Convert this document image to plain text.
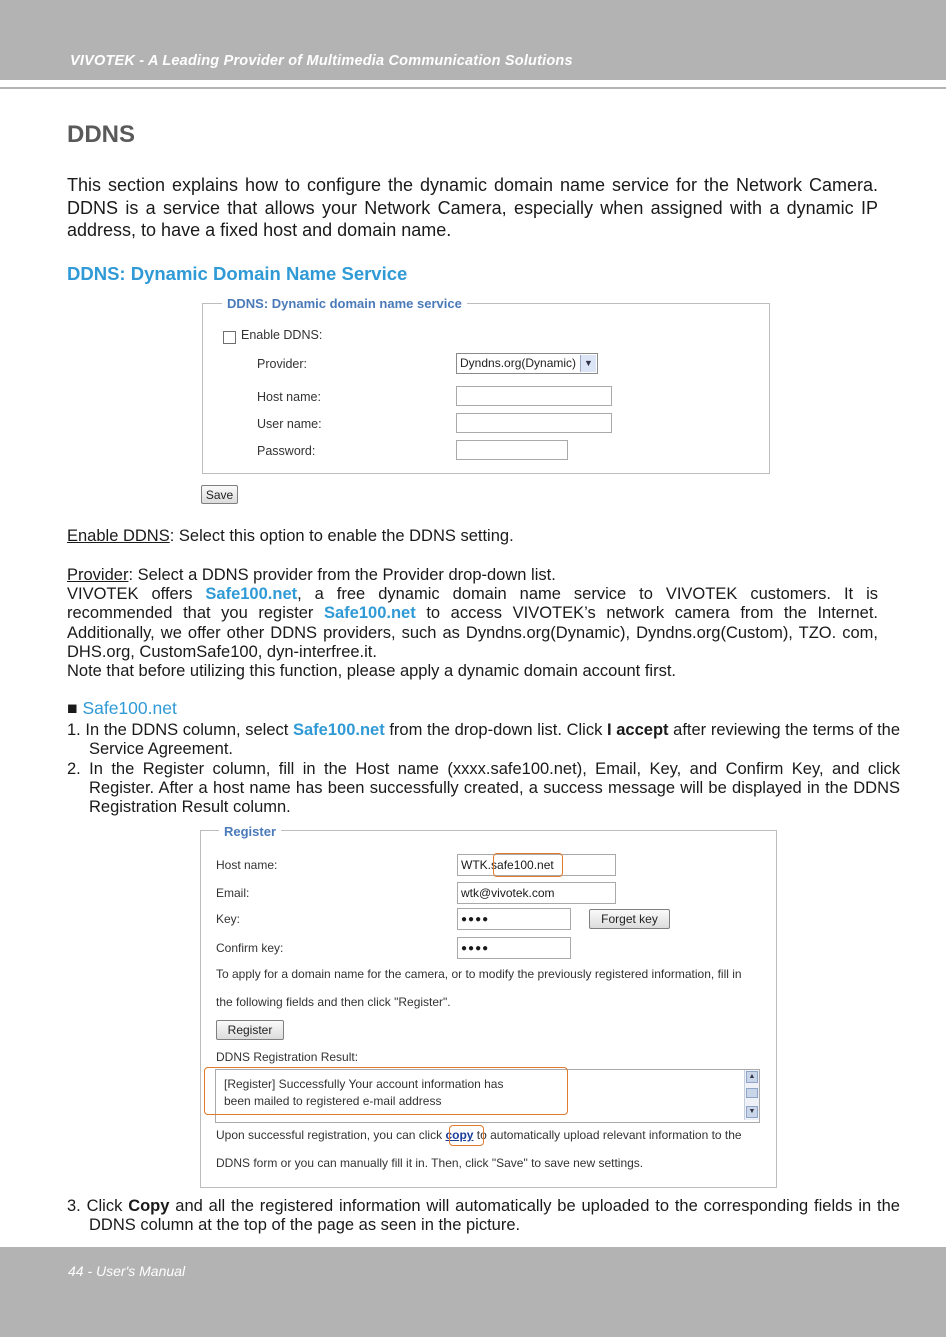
VIVOTEK - A Leading Provider of Multimedia Communication Solutions
DDNS
This section explains how to configure the dynamic domain name service for the Network Camera. DDNS is a service that allows your Network Camera, especially when assigned with a dynamic IP address, to have a fixed host and domain name.
DDNS: Dynamic Domain Name Service
DDNS: Dynamic domain name service
Enable DDNS:
Provider:	Dyndns.org(Dynamic) ▼
Host name:
User name:
Password:
Save
Enable DDNS: Select this option to enable the DDNS setting.
Provider: Select a DDNS provider from the Provider drop-down list.
VIVOTEK offers Safe100.net, a free dynamic domain name service to VIVOTEK customers. It is recommended that you register Safe100.net to access VIVOTEK’s network camera from the Internet. Additionally, we offer other DDNS providers, such as Dyndns.org(Dynamic), Dyndns.org(Custom), TZO. com, DHS.org, CustomSafe100, dyn-interfree.it.
Note that before utilizing this function, please apply a dynamic domain account first.
■ Safe100.net
1. In the DDNS column, select Safe100.net from the drop-down list. Click I accept after reviewing the terms of the Service Agreement.
2. In the Register column, fill in the Host name (xxxx.safe100.net), Email, Key, and Confirm Key, and click Register. After a host name has been successfully created, a success message will be displayed in the DDNS Registration Result column.
Register
Host name:	WTK.safe100.net
Email:	wtk@vivotek.com
Key:	●●●●	Forget key
Confirm key:	●●●●
To apply for a domain name for the camera, or to modify the previously registered information, fill in
the following fields and then click "Register".
Register
DDNS Registration Result:
[Register] Successfully Your account information has
been mailed to registered e-mail address
▲
▼
Upon successful registration, you can click copy to automatically upload relevant information to the
DDNS form or you can manually fill it in. Then, click "Save" to save new settings.
3. Click Copy and all the registered information will automatically be uploaded to the corresponding fields in the DDNS column at the top of the page as seen in the picture.
44 - User's Manual
